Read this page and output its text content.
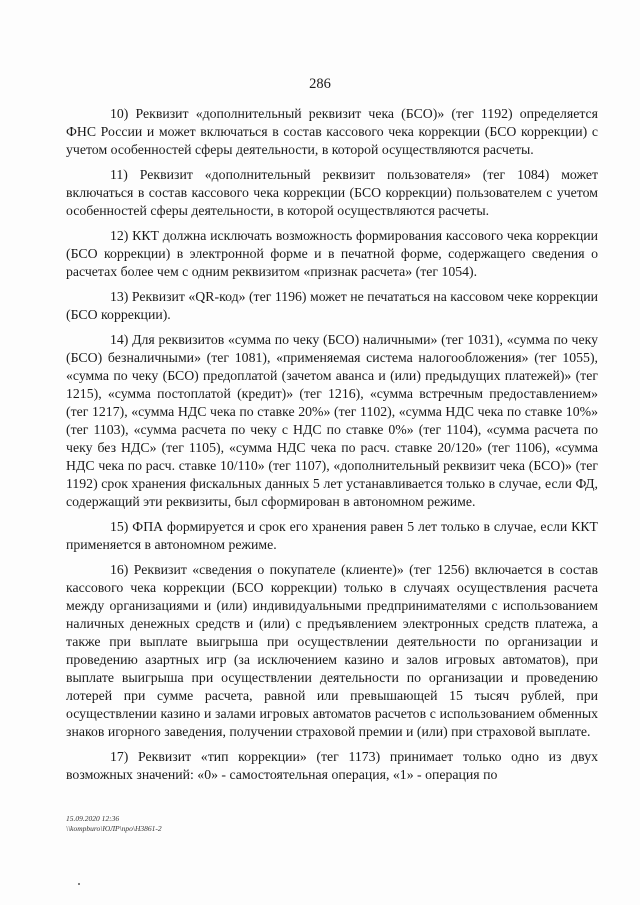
286

10) Реквизит «дополнительный реквизит чека (БСО)» (тег 1192) определяется ФНС России и может включаться в состав кассового чека коррекции (БСО коррекции) с учетом особенностей сферы деятельности, в которой осуществляются расчеты.

11) Реквизит «дополнительный реквизит пользователя» (тег 1084) может включаться в состав кассового чека коррекции (БСО коррекции) пользователем с учетом особенностей сферы деятельности, в которой осуществляются расчеты.

12) ККТ должна исключать возможность формирования кассового чека коррекции (БСО коррекции) в электронной форме и в печатной форме, содержащего сведения о расчетах более чем с одним реквизитом «признак расчета» (тег 1054).

13) Реквизит «QR-код» (тег 1196) может не печататься на кассовом чеке коррекции (БСО коррекции).

14) Для реквизитов «сумма по чеку (БСО) наличными» (тег 1031), «сумма по чеку (БСО) безналичными» (тег 1081), «применяемая система налогообложения» (тег 1055), «сумма по чеку (БСО) предоплатой (зачетом аванса и (или) предыдущих платежей)» (тег 1215), «сумма постоплатой (кредит)» (тег 1216), «сумма встречным предоставлением» (тег 1217), «сумма НДС чека по ставке 20%» (тег 1102), «сумма НДС чека по ставке 10%» (тег 1103), «сумма расчета по чеку с НДС по ставке 0%» (тег 1104), «сумма расчета по чеку без НДС» (тег 1105), «сумма НДС чека по расч. ставке 20/120» (тег 1106), «сумма НДС чека по расч. ставке 10/110» (тег 1107), «дополнительный реквизит чека (БСО)» (тег 1192) срок хранения фискальных данных 5 лет устанавливается только в случае, если ФД, содержащий эти реквизиты, был сформирован в автономном режиме.

15) ФПА формируется и срок его хранения равен 5 лет только в случае, если ККТ применяется в автономном режиме.

16) Реквизит «сведения о покупателе (клиенте)» (тег 1256) включается в состав кассового чека коррекции (БСО коррекции) только в случаях осуществления расчета между организациями и (или) индивидуальными предпринимателями с использованием наличных денежных средств и (или) с предъявлением электронных средств платежа, а также при выплате выигрыша при осуществлении деятельности по организации и проведению азартных игр (за исключением казино и залов игровых автоматов), при выплате выигрыша при осуществлении деятельности по организации и проведению лотерей при сумме расчета, равной или превышающей 15 тысяч рублей, при осуществлении казино и залами игровых автоматов расчетов с использованием обменных знаков игорного заведения, получении страховой премии и (или) при страховой выплате.

17) Реквизит «тип коррекции» (тег 1173) принимает только одно из двух возможных значений: «0» - самостоятельная операция, «1» - операция по

15.09.2020 12:36
\\kompburo\ЮЛР\npo\Н3861-2
